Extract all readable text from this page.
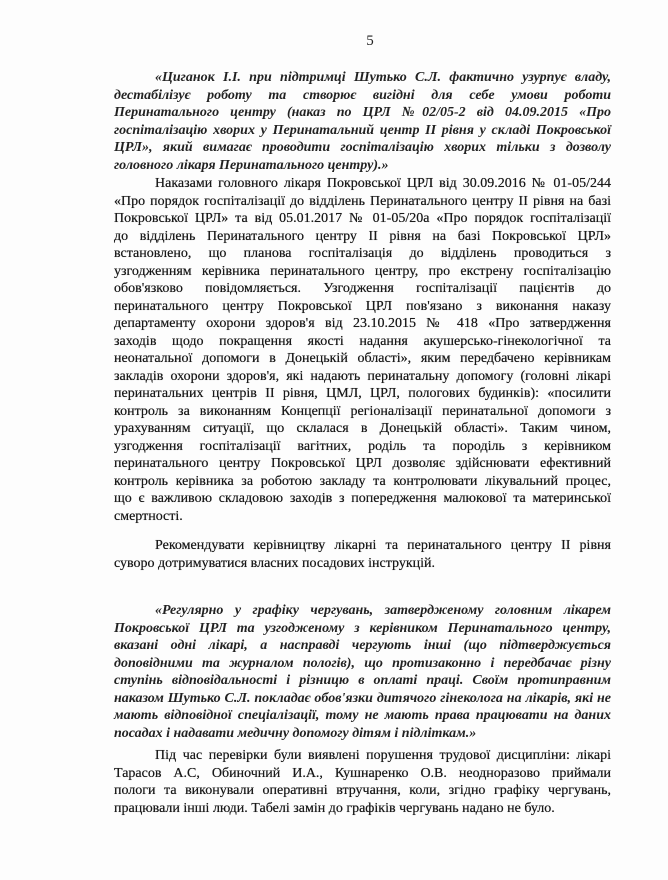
5
«Циганок І.І. при підтримці Шутько С.Л. фактично узурпує владу,
дестабілізує роботу та створює вигідні для себе умови роботи
Перинатального центру (наказ по ЦРЛ №02/05-2 від 04.09.2015 «Про
госпіталізацію хворих у Перинатальний центр ІІ рівня у складі Покровської
ЦРЛ», який вимагає проводити госпіталізацію хворих тільки з дозволу
головного лікаря Перинатального центру).»
Наказами головного лікаря Покровської ЦРЛ від 30.09.2016 № 01-05/244
«Про порядок госпіталізації до відділень Перинатального центру ІІ рівня на базі
Покровської ЦРЛ» та від 05.01.2017 № 01-05/20а «Про порядок госпіталізації
до відділень Перинатального центру ІІ рівня на базі Покровської ЦРЛ»
встановлено, що планова госпіталізація до відділень проводиться з
узгодженням керівника перинатального центру, про екстрену госпіталізацію
обов'язково повідомляється. Узгодження госпіталізації пацієнтів до
перинатального центру Покровської ЦРЛ пов'язано з виконання наказу
департаменту охорони здоров'я від 23.10.2015 № 418 «Про затвердження
заходів щодо покращення якості надання акушерсько-гінекологічної та
неонатальної допомоги в Донецькій області», яким передбачено керівникам
закладів охорони здоров'я, які надають перинатальну допомогу (головні лікарі
перинатальних центрів ІІ рівня, ЦМЛ, ЦРЛ, пологових будинків): «посилити
контроль за виконанням Концепції регіоналізації перинатальної допомоги з
урахуванням ситуації, що склалася в Донецькій області». Таким чином,
узгодження госпіталізації вагітних, роділь та породіль з керівником
перинатального центру Покровської ЦРЛ дозволяє здійснювати ефективний
контроль керівника за роботою закладу та контролювати лікувальний процес,
що є важливою складовою заходів з попередження малюкової та материнської
смертності.
Рекомендувати керівництву лікарні та перинатального центру ІІ рівня
суворо дотримуватися власних посадових інструкцій.
«Регулярно у графіку чергувань, затвердженому головним лікарем
Покровської ЦРЛ та узгодженому з керівником Перинатального центру,
вказані одні лікарі, а насправді чергують інші (що підтверджується
доповідними та журналом пологів), що протизаконно і передбачає різну
ступінь відповідальності і різницю в оплаті праці. Своїм протиправним
наказом Шутько С.Л. покладає обов'язки дитячого гінеколога на лікарів, які не
мають відповідної спеціалізації, тому не мають права працювати на даних
посадах і надавати медичну допомогу дітям і підліткам.»
Під час перевірки були виявлені порушення трудової дисципліни: лікарі
Тарасов А.С, Обиночний И.А., Кушнаренко О.В. неодноразово приймали
пологи та виконували оперативні втручання, коли, згідно графіку чергувань,
працювали інші люди. Табелі замін до графіків чергувань надано не було.
